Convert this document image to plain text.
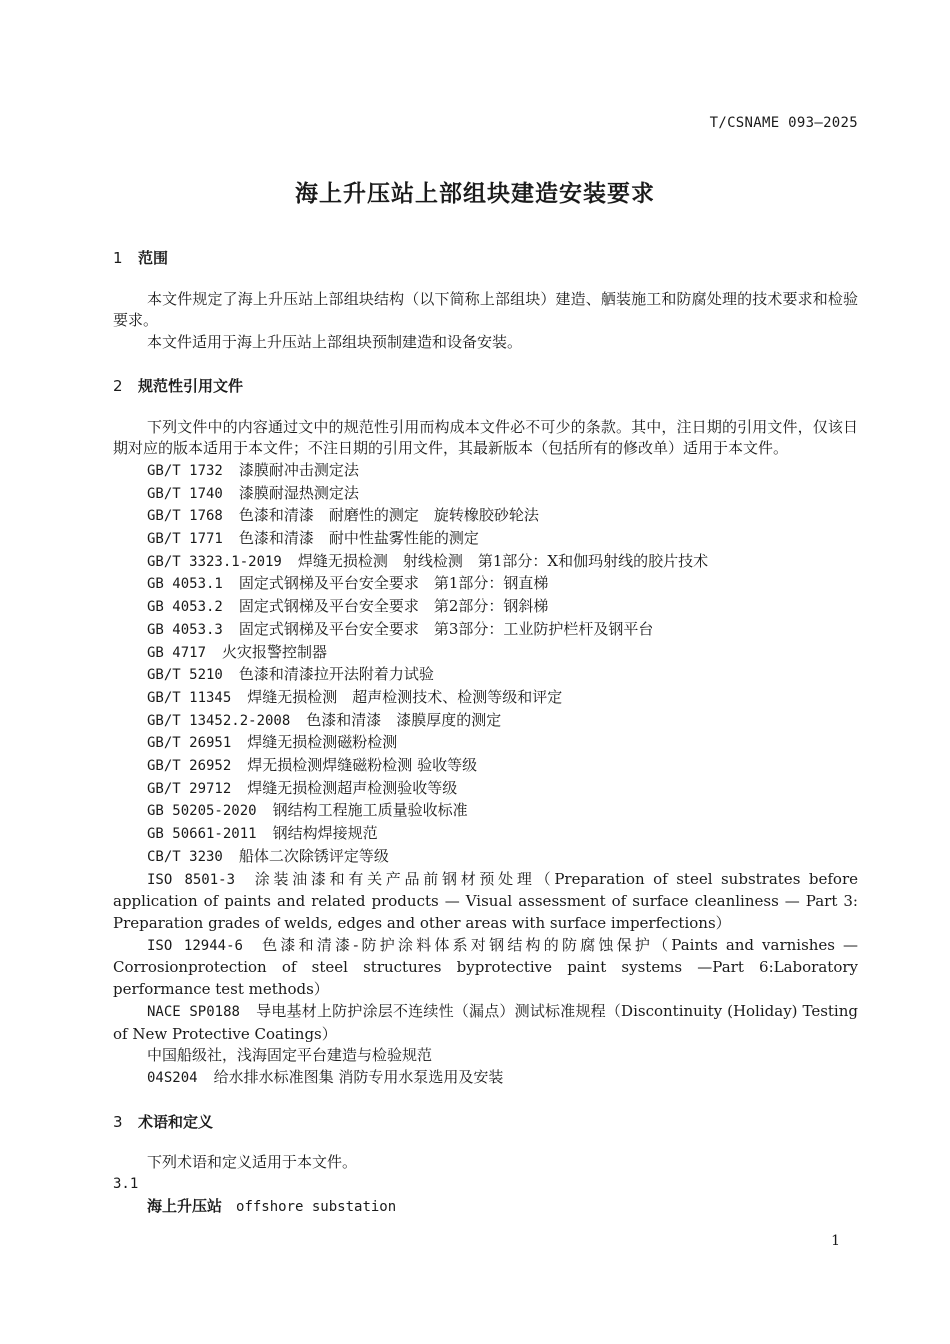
T/CSNAME 093—2025
海上升压站上部组块建造安装要求

1 范围

本文件规定了海上升压站上部组块结构（以下简称上部组块）建造、舾装施工和防腐处理的技术要求和检验要求。

本文件适用于海上升压站上部组块预制建造和设备安装。

2 规范性引用文件

下列文件中的内容通过文中的规范性引用而构成本文件必不可少的条款。其中，注日期的引用文件，仅该日期对应的版本适用于本文件；不注日期的引用文件，其最新版本（包括所有的修改单）适用于本文件。

GB/T 1732 漆膜耐冲击测定法
GB/T 1740 漆膜耐湿热测定法
GB/T 1768 色漆和清漆　耐磨性的测定　旋转橡胶砂轮法
GB/T 1771 色漆和清漆　耐中性盐雾性能的测定
GB/T 3323.1-2019 焊缝无损检测　射线检测　第1部分：X和伽玛射线的胶片技术
GB 4053.1 固定式钢梯及平台安全要求　第1部分：钢直梯
GB 4053.2 固定式钢梯及平台安全要求　第2部分：钢斜梯
GB 4053.3 固定式钢梯及平台安全要求　第3部分：工业防护栏杆及钢平台
GB 4717 火灾报警控制器
GB/T 5210 色漆和清漆拉开法附着力试验
GB/T 11345 焊缝无损检测　超声检测技术、检测等级和评定
GB/T 13452.2-2008 色漆和清漆　漆膜厚度的测定
GB/T 26951 焊缝无损检测磁粉检测
GB/T 26952 焊无损检测焊缝磁粉检测 验收等级
GB/T 29712 焊缝无损检测超声检测验收等级
GB 50205-2020 钢结构工程施工质量验收标准
GB 50661-2011 钢结构焊接规范
CB/T 3230 船体二次除锈评定等级
ISO 8501-3 涂装油漆和有关产品前钢材预处理（Preparation of steel substrates before application of paints and related products — Visual assessment of surface cleanliness — Part 3: Preparation grades of welds, edges and other areas with surface imperfections）
ISO 12944-6 色漆和清漆-防护涂料体系对钢结构的防腐蚀保护（Paints and varnishes — Corrosionprotection of steel structures byprotective paint systems —Part 6:Laboratory performance test methods）
NACE SP0188 导电基材上防护涂层不连续性（漏点）测试标准规程（Discontinuity (Holiday) Testing of New Protective Coatings）
中国船级社，浅海固定平台建造与检验规范
04S204 给水排水标准图集 消防专用水泵选用及安装

3 术语和定义

下列术语和定义适用于本文件。

3.1

海上升压站 offshore substation

1
